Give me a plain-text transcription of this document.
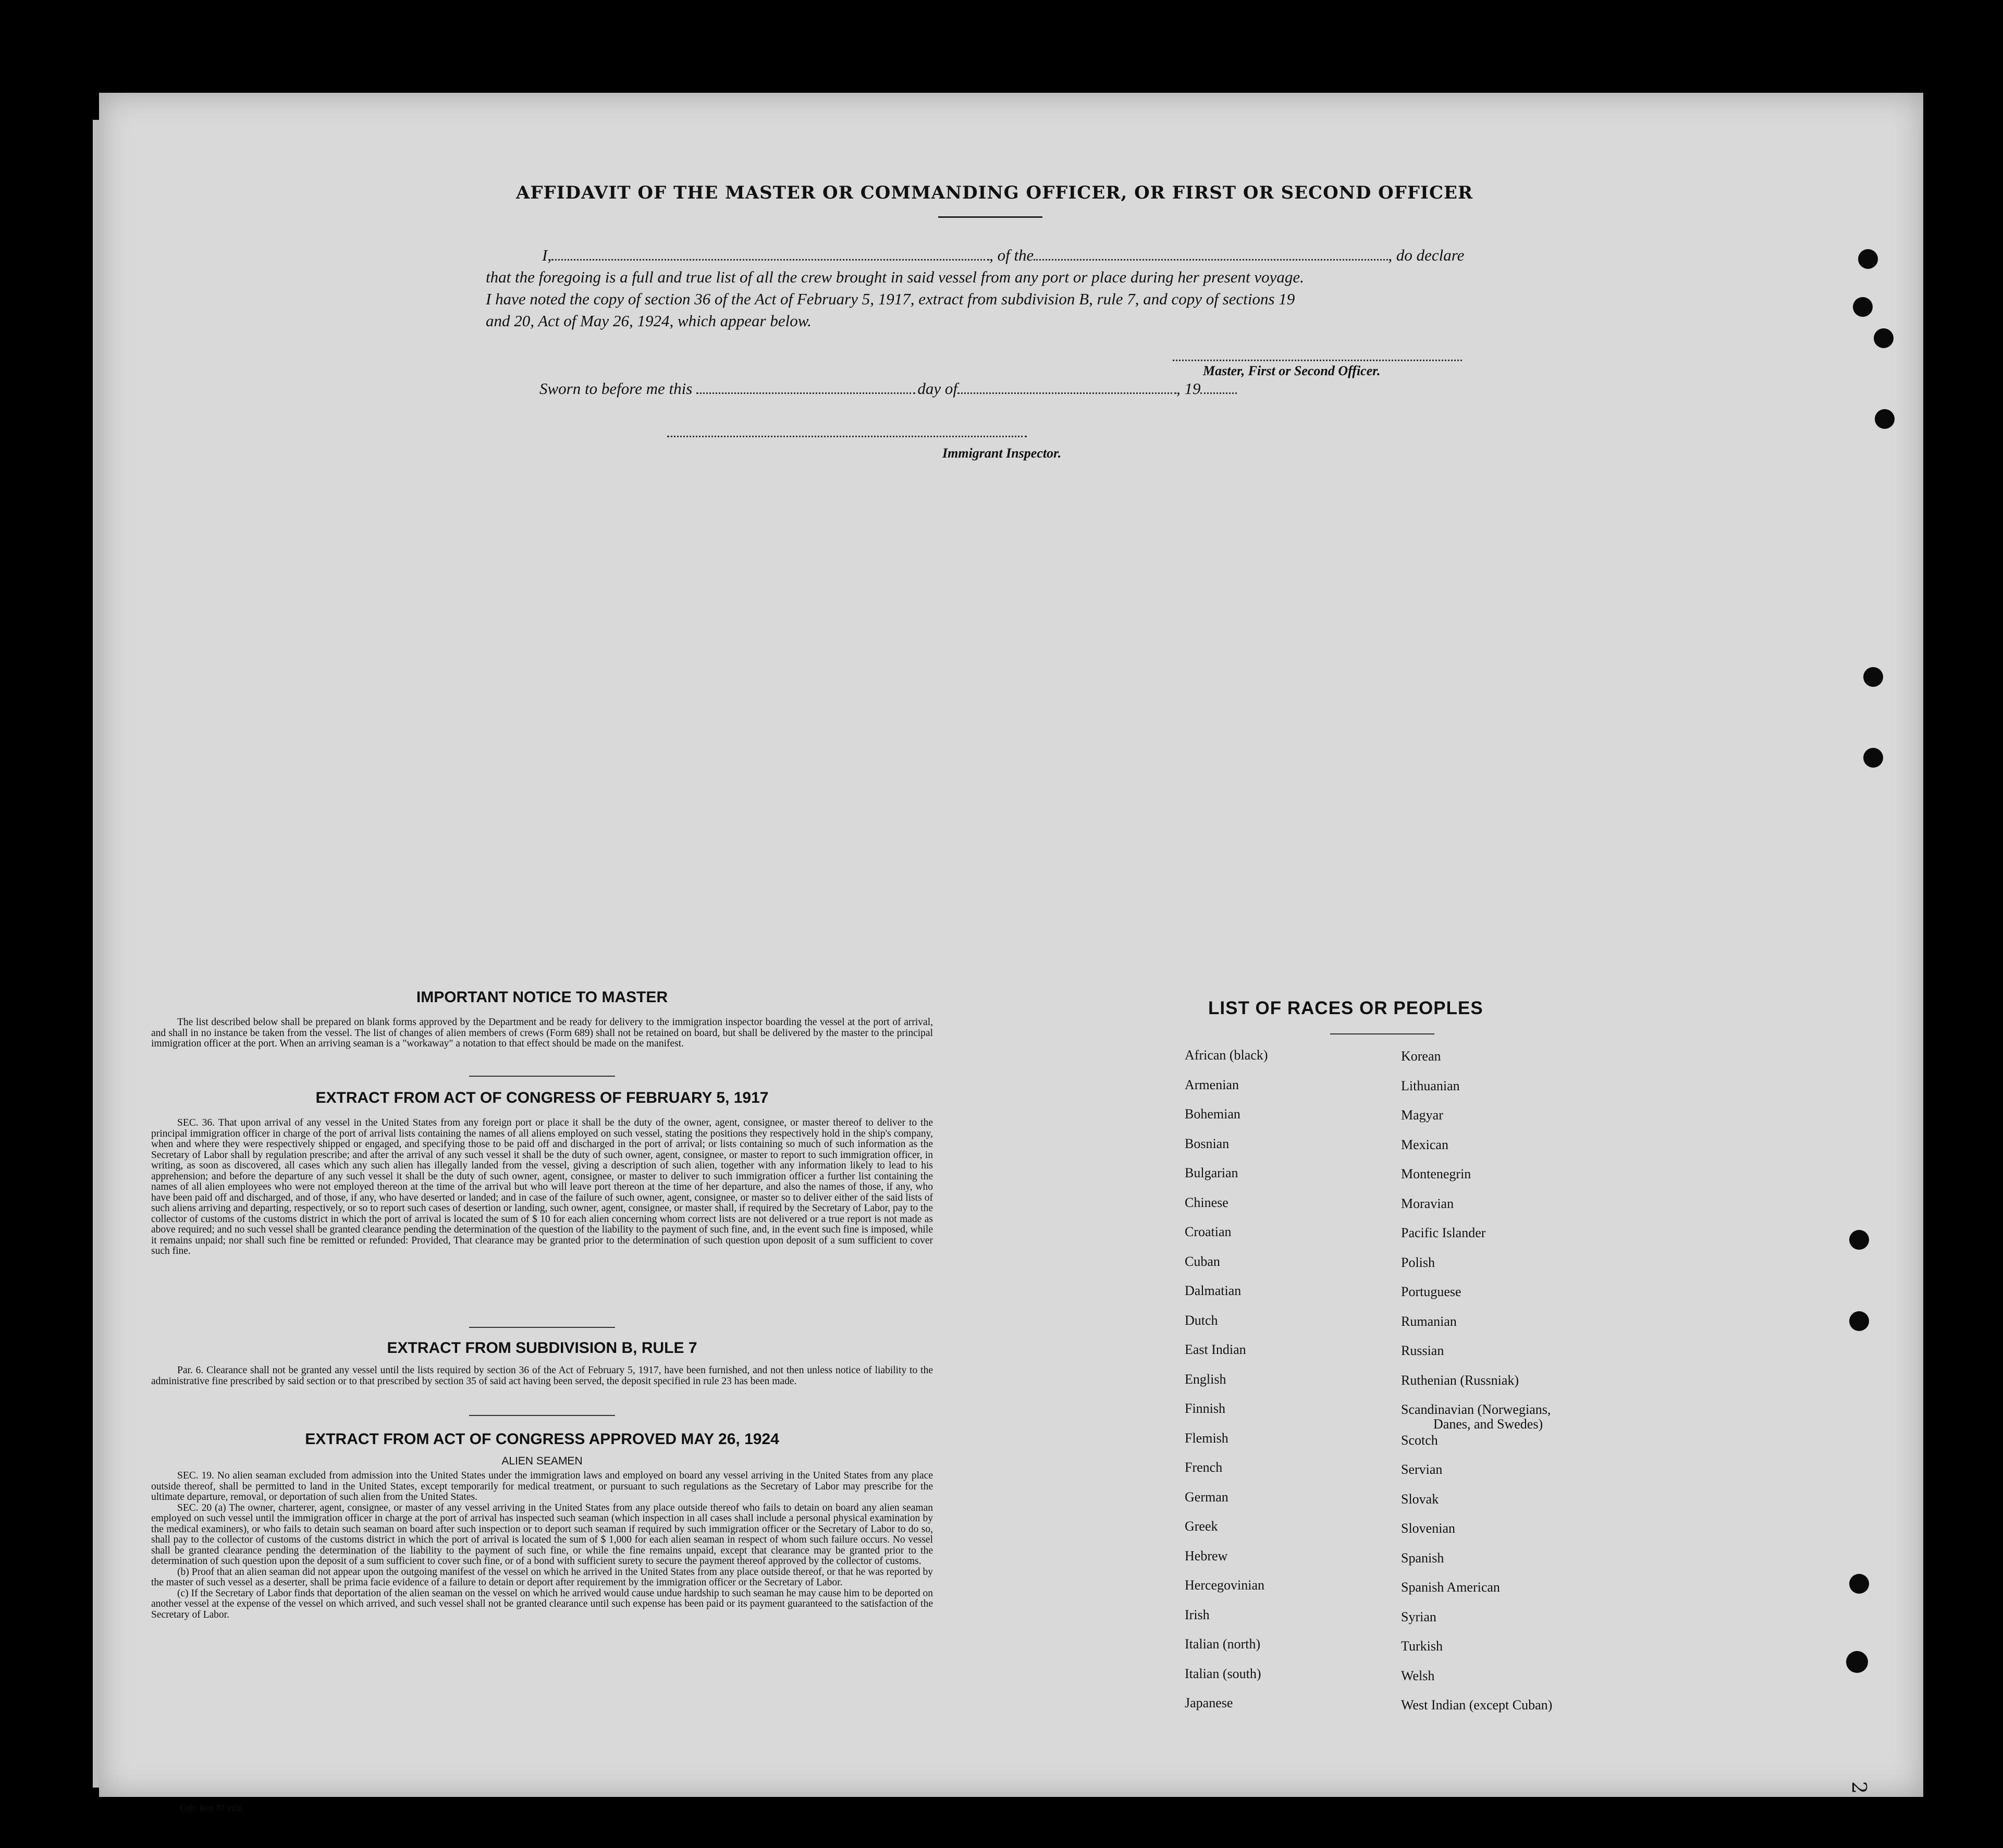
AFFIDAVIT OF THE MASTER OR COMMANDING OFFICER, OR FIRST OR SECOND OFFICER
I,	, of the	, do declare
that the foregoing is a full and true list of all the crew brought in said vessel from any port or place during her present voyage.
I have noted the copy of section 36 of the Act of February 5, 1917, extract from subdivision B, rule 7, and copy of sections 19
and 20, Act of May 26, 1924, which appear below.
Master, First or Second Officer.
Sworn to before me this	day of	, 19
Immigrant Inspector.
IMPORTANT NOTICE TO MASTER
The list described below shall be prepared on blank forms approved by the Department and be ready for delivery to the immigration inspector boarding the vessel at the port of arrival, and shall in no instance be taken from the vessel. The list of changes of alien members of crews (Form 689) shall not be retained on board, but shall be delivered by the master to the principal immigration officer at the port. When an arriving seaman is a "workaway" a notation to that effect should be made on the manifest.
EXTRACT FROM ACT OF CONGRESS OF FEBRUARY 5, 1917
SEC. 36. That upon arrival of any vessel in the United States from any foreign port or place it shall be the duty of the owner, agent, consignee, or master thereof to deliver to the principal immigration officer in charge of the port of arrival lists containing the names of all aliens employed on such vessel, stating the positions they respectively hold in the ship's company, when and where they were respectively shipped or engaged, and specifying those to be paid off and discharged in the port of arrival; or lists containing so much of such information as the Secretary of Labor shall by regulation prescribe; and after the arrival of any such vessel it shall be the duty of such owner, agent, consignee, or master to report to such immigration officer, in writing, as soon as discovered, all cases which any such alien has illegally landed from the vessel, giving a description of such alien, together with any information likely to lead to his apprehension; and before the departure of any such vessel it shall be the duty of such owner, agent, consignee, or master to deliver to such immigration officer a further list containing the names of all alien employees who were not employed thereon at the time of the arrival but who will leave port thereon at the time of her departure, and also the names of those, if any, who have been paid off and discharged, and of those, if any, who have deserted or landed; and in case of the failure of such owner, agent, consignee, or master so to deliver either of the said lists of such aliens arriving and departing, respectively, or so to report such cases of desertion or landing, such owner, agent, consignee, or master shall, if required by the Secretary of Labor, pay to the collector of customs of the customs district in which the port of arrival is located the sum of $ 10 for each alien concerning whom correct lists are not delivered or a true report is not made as above required; and no such vessel shall be granted clearance pending the determination of the question of the liability to the payment of such fine, and, in the event such fine is imposed, while it remains unpaid; nor shall such fine be remitted or refunded: Provided, That clearance may be granted prior to the determination of such question upon deposit of a sum sufficient to cover such fine.
EXTRACT FROM SUBDIVISION B, RULE 7
Par. 6. Clearance shall not be granted any vessel until the lists required by section 36 of the Act of February 5, 1917, have been furnished, and not then unless notice of liability to the administrative fine prescribed by said section or to that prescribed by section 35 of said act having been served, the deposit specified in rule 23 has been made.
EXTRACT FROM ACT OF CONGRESS APPROVED MAY 26, 1924
ALIEN SEAMEN
SEC. 19. No alien seaman excluded from admission into the United States under the immigration laws and employed on board any vessel arriving in the United States from any place outside thereof, shall be permitted to land in the United States, except temporarily for medical treatment, or pursuant to such regulations as the Secretary of Labor may prescribe for the ultimate departure, removal, or deportation of such alien from the United States.
SEC. 20 (a) The owner, charterer, agent, consignee, or master of any vessel arriving in the United States from any place outside thereof who fails to detain on board any alien seaman employed on such vessel until the immigration officer in charge at the port of arrival has inspected such seaman (which inspection in all cases shall include a personal physical examination by the medical examiners), or who fails to detain such seaman on board after such inspection or to deport such seaman if required by such immigration officer or the Secretary of Labor to do so, shall pay to the collector of customs of the customs district in which the port of arrival is located the sum of $ 1,000 for each alien seaman in respect of whom such failure occurs. No vessel shall be granted clearance pending the determination of the liability to the payment of such fine, or while the fine remains unpaid, except that clearance may be granted prior to the determination of such question upon the deposit of a sum sufficient to cover such fine, or of a bond with sufficient surety to secure the payment thereof approved by the collector of customs.
(b) Proof that an alien seaman did not appear upon the outgoing manifest of the vessel on which he arrived in the United States from any place outside thereof, or that he was reported by the master of such vessel as a deserter, shall be prima facie evidence of a failure to detain or deport after requirement by the immigration officer or the Secretary of Labor.
(c) If the Secretary of Labor finds that deportation of the alien seaman on the vessel on which he arrived would cause undue hardship to such seaman he may cause him to be deported on another vessel at the expense of the vessel on which arrived, and such vessel shall not be granted clearance until such expense has been paid or its payment guaranteed to the satisfaction of the Secretary of Labor.
LIST OF RACES OR PEOPLES
African (black)
Armenian
Bohemian
Bosnian
Bulgarian
Chinese
Croatian
Cuban
Dalmatian
Dutch
East Indian
English
Finnish
Flemish
French
German
Greek
Hebrew
Hercegovinian
Irish
Italian (north)
Italian (south)
Japanese
Korean
Lithuanian
Magyar
Mexican
Montenegrin
Moravian
Pacific Islander
Polish
Portuguese
Rumanian
Russian
Ruthenian (Russniak)
Scandinavian (Norwegians,
Scotch
Servian
Slovak
Slovenian
Spanish
Spanish American
Syrian
Turkish
Welsh
West Indian (except Cuban)
Danes, and Swedes)
Cult. ken 37 vnb.
2
